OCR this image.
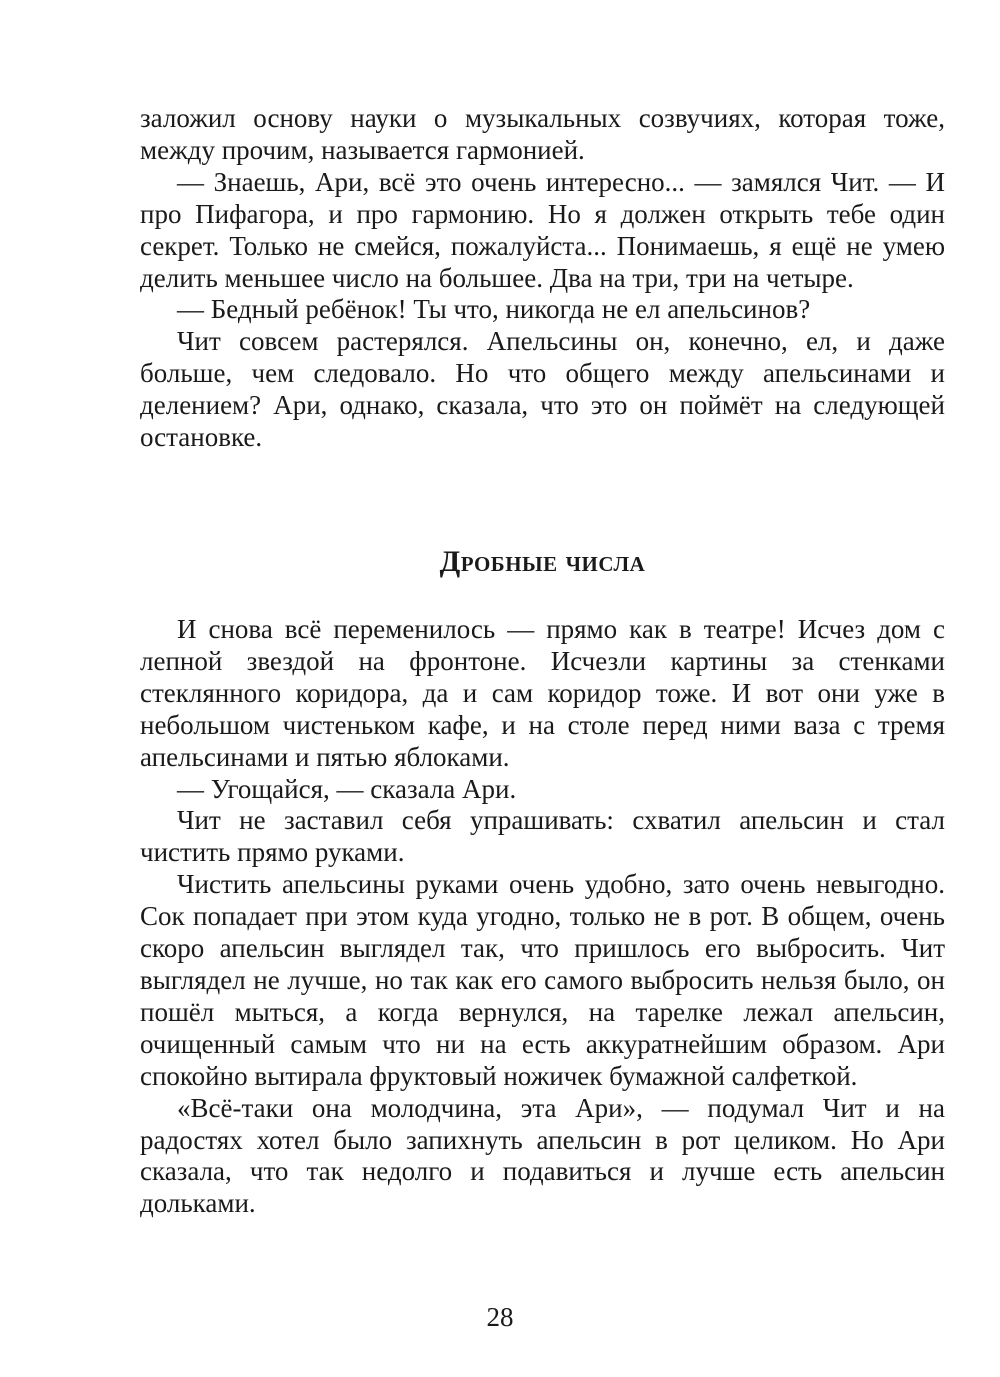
заложил основу науки о музыкальных созвучиях, которая тоже, между прочим, называется гармонией.

— Знаешь, Ари, всё это очень интересно... — замялся Чит. — И про Пифагора, и про гармонию. Но я должен открыть тебе один секрет. Только не смейся, пожалуйста... Понимаешь, я ещё не умею делить меньшее число на большее. Два на три, три на четыре.

— Бедный ребёнок! Ты что, никогда не ел апельсинов?

Чит совсем растерялся. Апельсины он, конечно, ел, и даже больше, чем следовало. Но что общего между апельсинами и делением? Ари, однако, сказала, что это он поймёт на следующей остановке.

Дробные числа

И снова всё переменилось — прямо как в театре! Исчез дом с лепной звездой на фронтоне. Исчезли картины за стенками стеклянного коридора, да и сам коридор тоже. И вот они уже в небольшом чистеньком кафе, и на столе перед ними ваза с тремя апельсинами и пятью яблоками.

— Угощайся, — сказала Ари.

Чит не заставил себя упрашивать: схватил апельсин и стал чистить прямо руками.

Чистить апельсины руками очень удобно, зато очень невыгодно. Сок попадает при этом куда угодно, только не в рот. В общем, очень скоро апельсин выглядел так, что пришлось его выбросить. Чит выглядел не лучше, но так как его самого выбросить нельзя было, он пошёл мыться, а когда вернулся, на тарелке лежал апельсин, очищенный самым что ни на есть аккуратнейшим образом. Ари спокойно вытирала фруктовый ножичек бумажной салфеткой.

«Всё-таки она молодчина, эта Ари», — подумал Чит и на радостях хотел было запихнуть апельсин в рот целиком. Но Ари сказала, что так недолго и подавиться и лучше есть апельсин дольками.

28
